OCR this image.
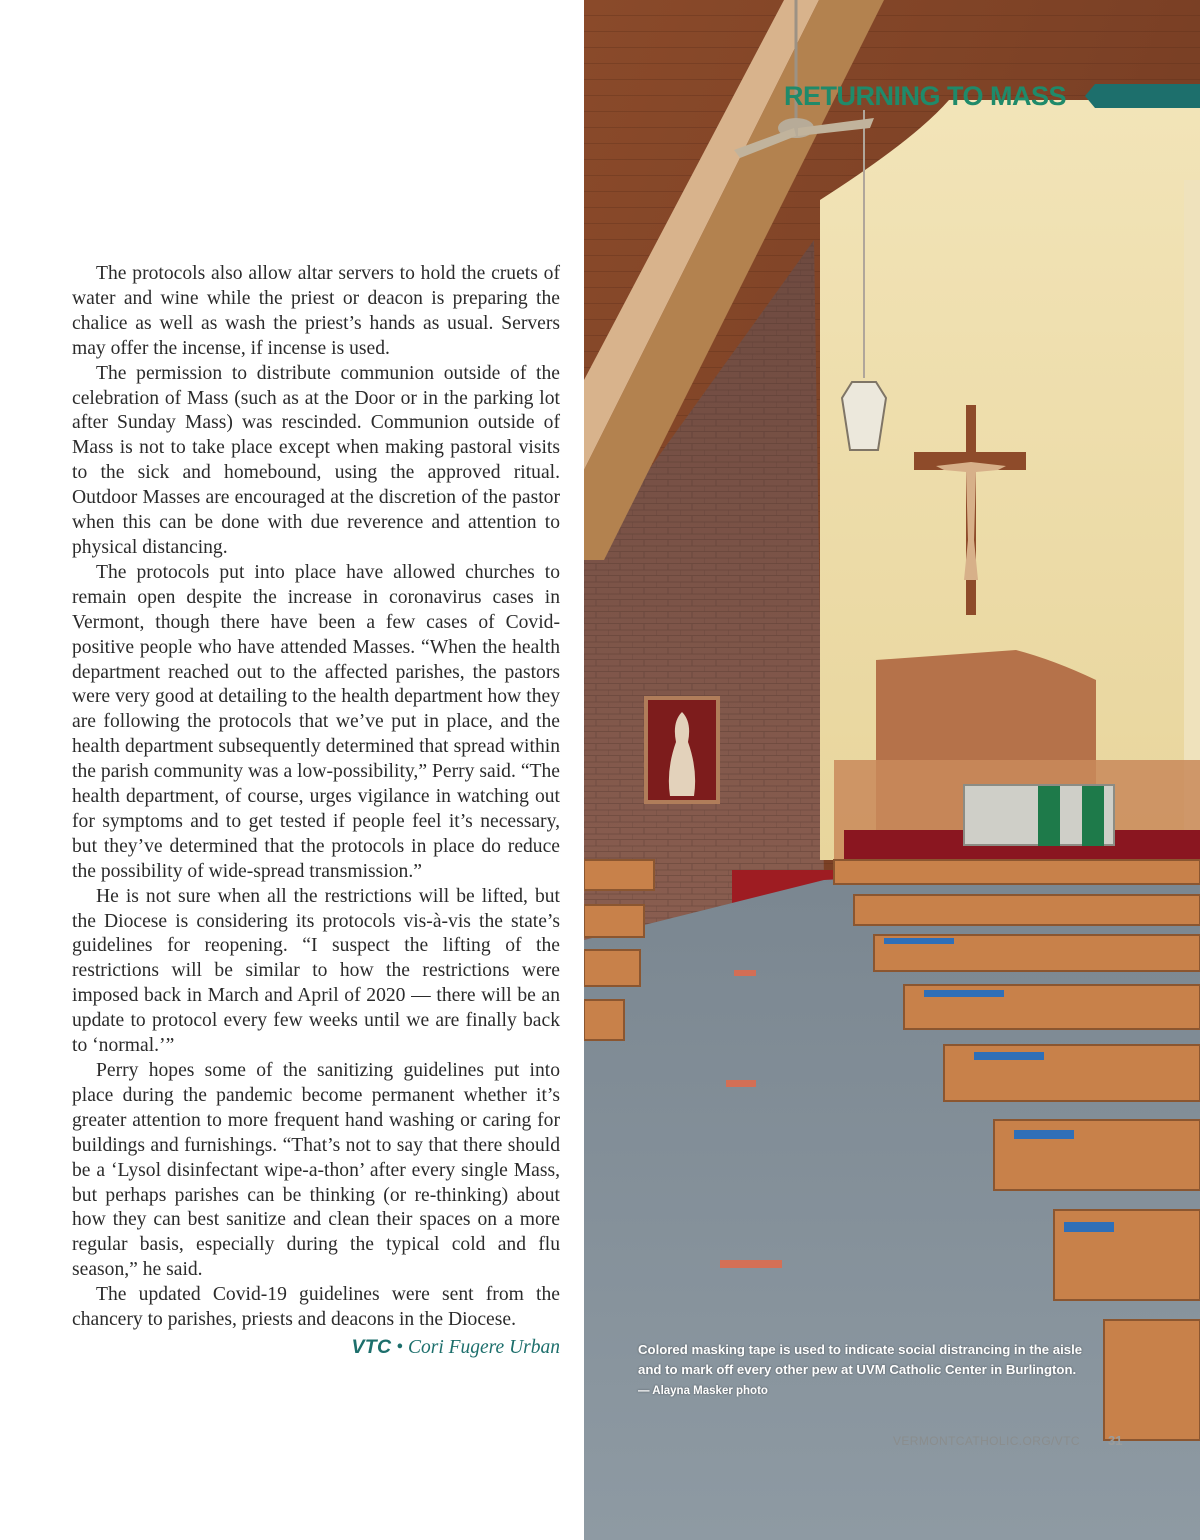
The protocols also allow altar servers to hold the cruets of water and wine while the priest or deacon is preparing the chalice as well as wash the priest’s hands as usual. Servers may offer the incense, if incense is used.

The permission to distribute communion outside of the celebration of Mass (such as at the Door or in the parking lot after Sunday Mass) was rescinded. Communion outside of Mass is not to take place except when making pastoral visits to the sick and homebound, using the approved ritual. Outdoor Masses are encouraged at the discretion of the pastor when this can be done with due reverence and attention to physical distancing.

The protocols put into place have allowed churches to remain open despite the increase in coronavirus cases in Vermont, though there have been a few cases of Covid-positive people who have attended Masses. “When the health department reached out to the affected parishes, the pastors were very good at detailing to the health department how they are following the protocols that we’ve put in place, and the health department subsequently determined that spread within the parish community was a low-possibility,” Perry said. “The health department, of course, urges vigilance in watching out for symptoms and to get tested if people feel it’s necessary, but they’ve determined that the protocols in place do reduce the possibility of wide-spread transmission.”

He is not sure when all the restrictions will be lifted, but the Diocese is considering its protocols vis-à-vis the state’s guidelines for reopening. “I suspect the lifting of the restrictions will be similar to how the restrictions were imposed back in March and April of 2020 — there will be an update to protocol every few weeks until we are finally back to ‘normal.’”

Perry hopes some of the sanitizing guidelines put into place during the pandemic become permanent whether it’s greater attention to more frequent hand washing or caring for buildings and furnishings. “That’s not to say that there should be a ‘Lysol disinfectant wipe-a-thon’ after every single Mass, but perhaps parishes can be thinking (or re-thinking) about how they can best sanitize and clean their spaces on a more regular basis, especially during the typical cold and flu season,” he said.

The updated Covid-19 guidelines were sent from the chancery to parishes, priests and deacons in the Diocese.

VTC • Cori Fugere Urban
RETURNING TO MASS
Colored masking tape is used to indicate social distrancing in the aisle and to mark off every other pew at UVM Catholic Center in Burlington. — Alayna Masker photo
VERMONTCATHOLIC.ORG/VTC 31
